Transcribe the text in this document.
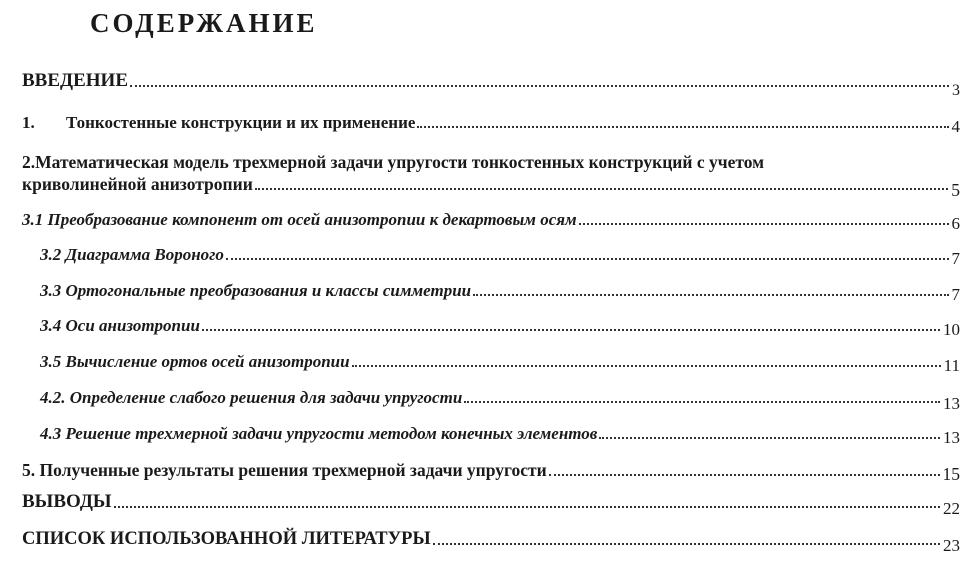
СОДЕРЖАНИЕ
ВВЕДЕНИЕ	3
1. Тонкостенные конструкции и их применение	4
2.Математическая модель трехмерной задачи упругости тонкостенных конструкций с учетом
криволинейной анизотропии	5
3.1 Преобразование компонент от осей анизотропии к декартовым осям	6
3.2 Диаграмма Вороного	7
3.3 Ортогональные преобразования и классы симметрии	7
3.4 Оси анизотропии	10
3.5 Вычисление ортов осей анизотропии	11
4.2. Определение слабого решения для задачи упругости	13
4.3 Решение трехмерной задачи упругости методом конечных элементов	13
5. Полученные результаты решения трехмерной задачи упругости	15
ВЫВОДЫ	22
СПИСОК ИСПОЛЬЗОВАННОЙ ЛИТЕРАТУРЫ	23
